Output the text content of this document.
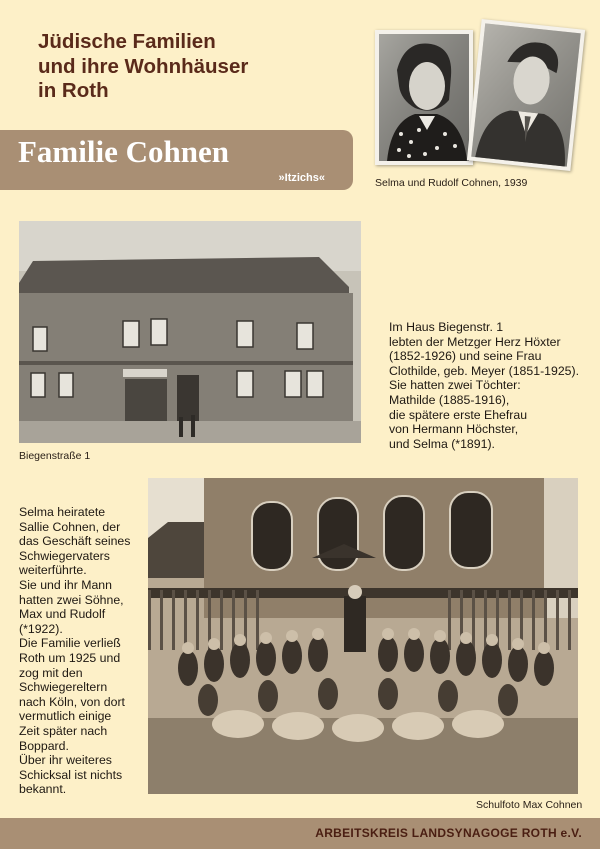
Jüdische Familien
und ihre Wohnhäuser
in Roth
Familie Cohnen
»Itzichs«	Selma und Rudolf Cohnen, 1939
Biegenstraße 1
Im Haus Biegenstr. 1
lebten der Metzger Herz Höxter
(1852-1926) und seine Frau
Clothilde, geb. Meyer (1851-1925).
Sie hatten zwei Töchter:
Mathilde (1885-1916),
die spätere erste Ehefrau
von Hermann Höchster,
und Selma (*1891).
Selma heiratete
Sallie Cohnen, der
das Geschäft seines
Schwiegervaters
weiterführte.
Sie und ihr Mann
hatten zwei Söhne,
Max und Rudolf
(*1922).
Die Familie verließ
Roth um 1925 und
zog mit den
Schwiegereltern
nach Köln, von dort
vermutlich einige
Zeit später nach
Boppard.
Über ihr weiteres
Schicksal ist nichts
bekannt.
Schulfoto Max Cohnen
ARBEITSKREIS LANDSYNAGOGE ROTH e.V.
